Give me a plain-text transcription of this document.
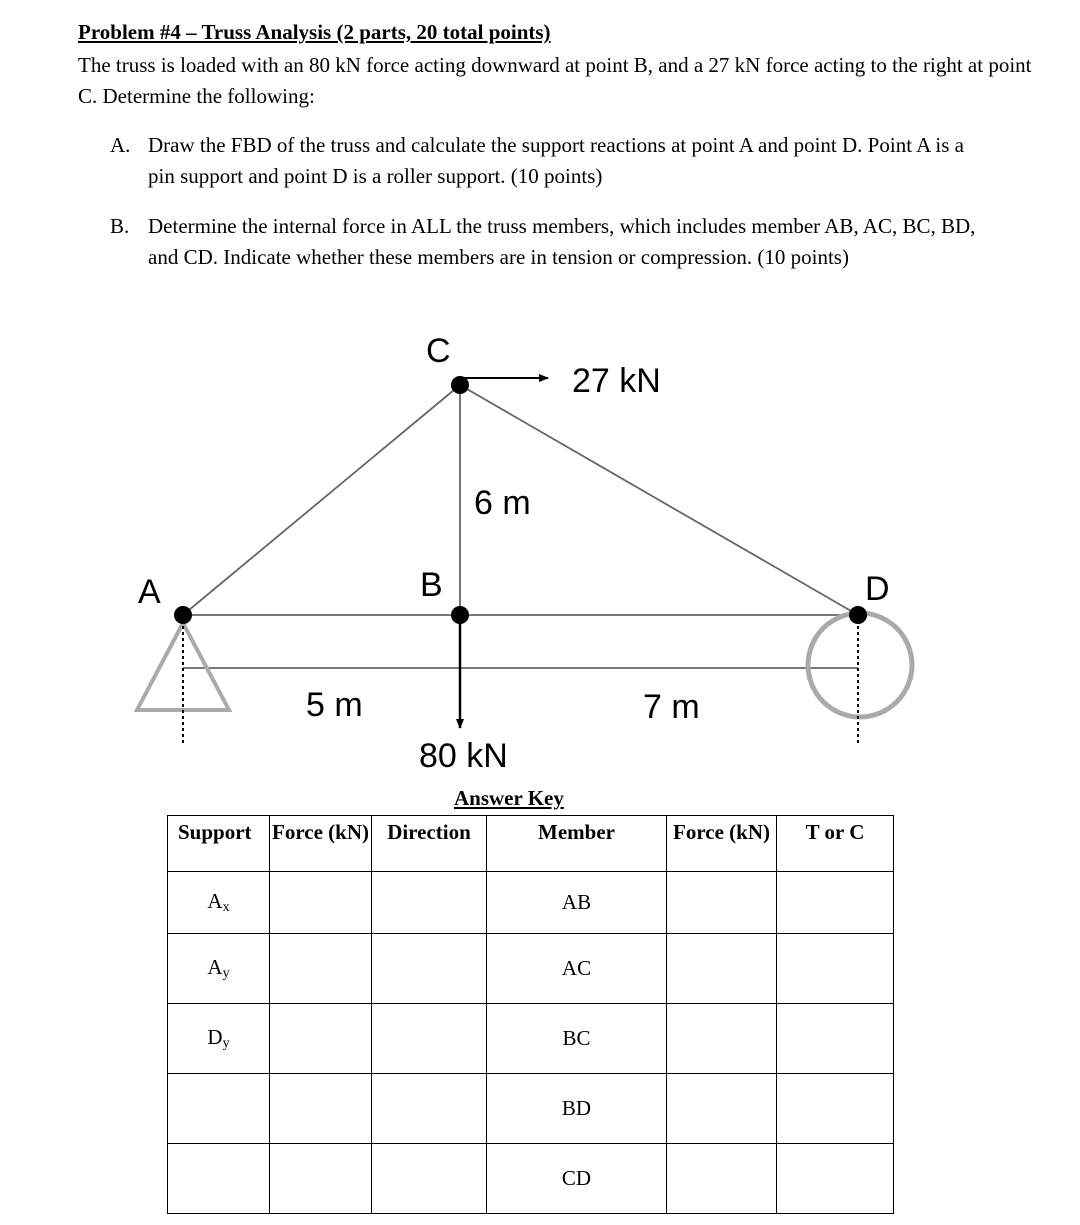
Problem #4 – Truss Analysis (2 parts, 20 total points)
The truss is loaded with an 80 kN force acting downward at point B, and a 27 kN force acting to the right at point C. Determine the following:
A. Draw the FBD of the truss and calculate the support reactions at point A and point D. Point A is a pin support and point D is a roller support. (10 points)
B. Determine the internal force in ALL the truss members, which includes member AB, AC, BC, BD, and CD. Indicate whether these members are in tension or compression. (10 points)
C
A	B	D
27 kN
6 m
5 m	7 m
80 kN
Answer Key
Support	Force (kN)	Direction	Member	Force (kN)	T or C
$A_x$			AB		
$A_y$			AC		
$D_y$			BC		
			BD		
			CD		
